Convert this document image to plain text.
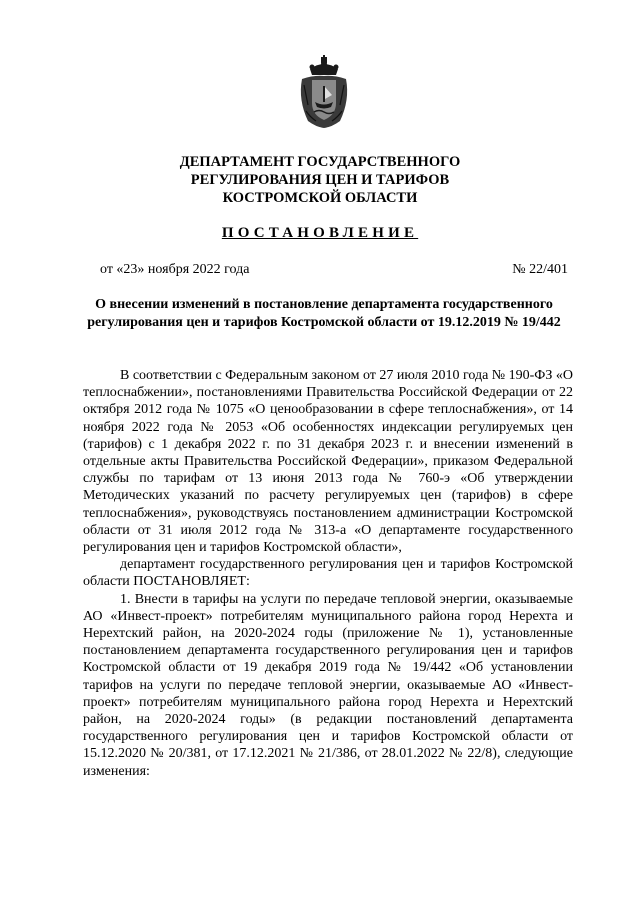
ДЕПАРТАМЕНТ ГОСУДАРСТВЕННОГО
РЕГУЛИРОВАНИЯ ЦЕН И ТАРИФОВ
КОСТРОМСКОЙ ОБЛАСТИ
ПОСТАНОВЛЕНИЕ
от «23» ноября 2022 года	№ 22/401
О внесении изменений в постановление департамента государственного
регулирования цен и тарифов Костромской области от 19.12.2019 № 19/442

В соответствии с Федеральным законом от 27 июля 2010 года № 190-ФЗ «О теплоснабжении», постановлениями Правительства Российской Федерации от 22 октября 2012 года № 1075 «О ценообразовании в сфере теплоснабжения», от 14 ноября 2022 года № 2053 «Об особенностях индексации регулируемых цен (тарифов) с 1 декабря 2022 г. по 31 декабря 2023 г. и внесении изменений в отдельные акты Правительства Российской Федерации», приказом Федеральной службы по тарифам от 13 июня 2013 года № 760-э «Об утверждении Методических указаний по расчету регулируемых цен (тарифов) в сфере теплоснабжения», руководствуясь постановлением администрации Костромской области от 31 июля 2012 года № 313-а «О департаменте государственного регулирования цен и тарифов Костромской области»,

департамент государственного регулирования цен и тарифов Костромской области ПОСТАНОВЛЯЕТ:

1. Внести в тарифы на услуги по передаче тепловой энергии, оказываемые АО «Инвест-проект» потребителям муниципального района город Нерехта и Нерехтский район, на 2020-2024 годы (приложение № 1), установленные постановлением департамента государственного регулирования цен и тарифов Костромской области от 19 декабря 2019 года № 19/442 «Об установлении тарифов на услуги по передаче тепловой энергии, оказываемые АО «Инвест-проект» потребителям муниципального района город Нерехта и Нерехтский район, на 2020-2024 годы» (в редакции постановлений департамента государственного регулирования цен и тарифов Костромской области от 15.12.2020 № 20/381, от 17.12.2021 № 21/386, от 28.01.2022 № 22/8), следующие изменения:
